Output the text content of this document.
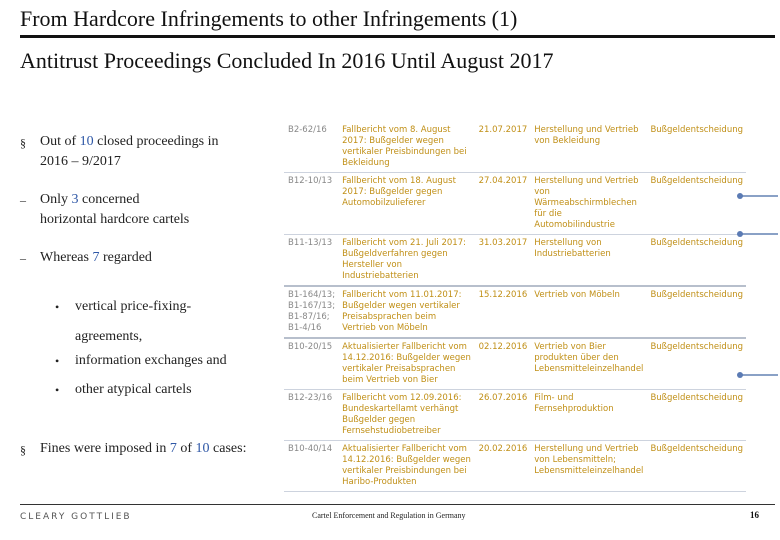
From Hardcore Infringements to other Infringements (1)
Antitrust Proceedings Concluded In 2016 Until August 2017
§	Out of 10 closed proceedings in
2016 – 9/2017
–	Only 3 concerned
horizontal hardcore cartels
–	Whereas 7 regarded
•	vertical price-fixing-
agreements,
•	information exchanges and
•	other atypical cartels
§	Fines were imposed in 7 of 10 cases:
B2-62/16	Fallbericht vom 8. August 2017: Bußgelder wegen vertikaler Preisbindungen bei Bekleidung	21.07.2017	Herstellung und Vertrieb von Bekleidung	Bußgeldentscheidung
B12-10/13	Fallbericht vom 18. August 2017: Bußgelder gegen Automobilzulieferer	27.04.2017	Herstellung und Vertrieb von Wärmeabschirmblechen für die Automobilindustrie	Bußgeldentscheidung
B11-13/13	Fallbericht vom 21. Juli 2017: Bußgeldverfahren gegen Hersteller von Industriebatterien	31.03.2017	Herstellung von Industriebatterien	Bußgeldentscheidung
B1-164/13; B1-167/13; B1-87/16; B1-4/16	Fallbericht vom 11.01.2017: Bußgelder wegen vertikaler Preisabsprachen beim Vertrieb von Möbeln	15.12.2016	Vertrieb von Möbeln	Bußgeldentscheidung
B10-20/15	Aktualisierter Fallbericht vom 14.12.2016: Bußgelder wegen vertikaler Preisabsprachen beim Vertrieb von Bier	02.12.2016	Vertrieb von Bier produkten über den Lebensmitteleinzelhandel	Bußgeldentscheidung
B12-23/16	Fallbericht vom 12.09.2016: Bundeskartellamt verhängt Bußgelder gegen Fernsehstudiobetreiber	26.07.2016	Film- und Fernsehproduktion	Bußgeldentscheidung
B10-40/14	Aktualisierter Fallbericht vom 14.12.2016: Bußgelder wegen vertikaler Preisbindungen bei Haribo-Produkten	20.02.2016	Herstellung und Vertrieb von Lebensmitteln; Lebensmitteleinzelhandel	Bußgeldentscheidung
CLEARY GOTTLIEB	Cartel Enforcement and Regulation in Germany	16
